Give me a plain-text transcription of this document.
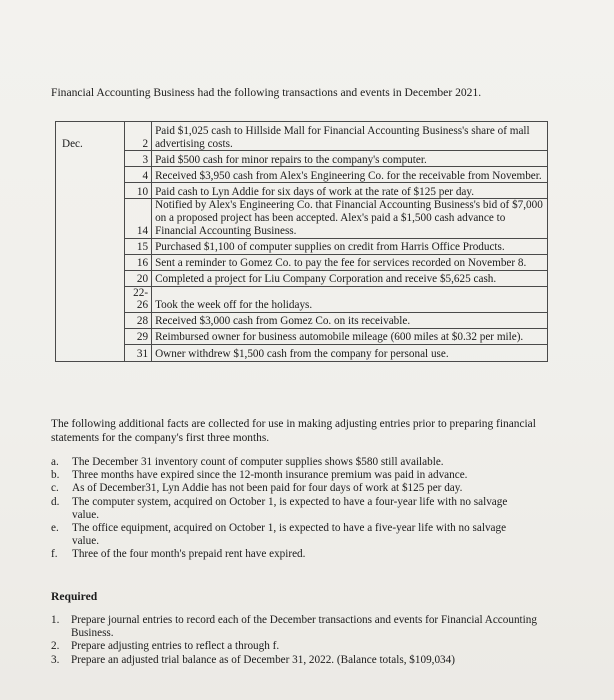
Financial Accounting Business had the following transactions and events in December 2021.
Dec.	2	Paid $1,025 cash to Hillside Mall for Financial Accounting Business's share of mall advertising costs.
	3	Paid $500 cash for minor repairs to the company's computer.
	4	Received $3,950 cash from Alex's Engineering Co. for the receivable from November.
	10	Paid cash to Lyn Addie for six days of work at the rate of $125 per day.
	14	Notified by Alex's Engineering Co. that Financial Accounting Business's bid of $7,000 on a proposed project has been accepted. Alex's paid a $1,500 cash advance to Financial Accounting Business.
	15	Purchased $1,100 of computer supplies on credit from Harris Office Products.
	16	Sent a reminder to Gomez Co. to pay the fee for services recorded on November 8.
	20	Completed a project for Liu Company Corporation and receive $5,625 cash.
	22-26	Took the week off for the holidays.
	28	Received $3,000 cash from Gomez Co. on its receivable.
	29	Reimbursed owner for business automobile mileage (600 miles at $0.32 per mile).
	31	Owner withdrew $1,500 cash from the company for personal use.
The following additional facts are collected for use in making adjusting entries prior to preparing financial statements for the company's first three months.
a. The December 31 inventory count of computer supplies shows $580 still available.
b. Three months have expired since the 12-month insurance premium was paid in advance.
c. As of December31, Lyn Addie has not been paid for four days of work at $125 per day.
d. The computer system, acquired on October 1, is expected to have a four-year life with no salvage value.
e. The office equipment, acquired on October 1, is expected to have a five-year life with no salvage value.
f. Three of the four month's prepaid rent have expired.
Required
1. Prepare journal entries to record each of the December transactions and events for Financial Accounting Business.
2. Prepare adjusting entries to reflect a through f.
3. Prepare an adjusted trial balance as of December 31, 2022. (Balance totals, $109,034)
